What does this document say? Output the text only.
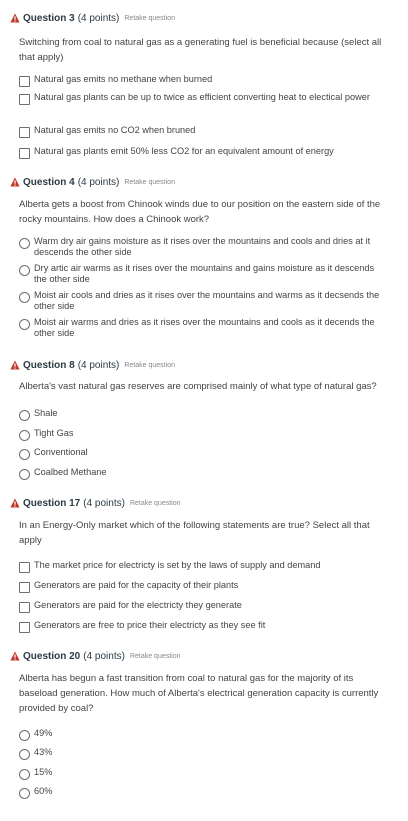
Question 3 (4 points) Retake question
Switching from coal to natural gas as a generating fuel is beneficial because (select all that apply)
Natural gas emits no methane when burned
Natural gas plants can be up to twice as efficient converting heat to electical power
Natural gas emits no CO2 when bruned
Natural gas plants emit 50% less CO2 for an equivalent amount of energy
Question 4 (4 points) Retake question
Alberta gets a boost from Chinook winds due to our position on the eastern side of the rocky mountains. How does a Chinook work?
Warm dry air gains moisture as it rises over the mountains and cools and dries at it descends the other side
Dry artic air warms as it rises over the mountains and gains moisture as it descends the other side
Moist air cools and dries as it rises over the mountains and warms as it decsends the other side
Moist air warms and dries as it rises over the mountains and cools as it decends the other side
Question 8 (4 points) Retake question
Alberta's vast natural gas reserves are comprised mainly of what type of natural gas?
Shale
Tight Gas
Conventional
Coalbed Methane
Question 17 (4 points) Retake question
In an Energy-Only market which of the following statements are true? Select all that apply
The market price for electricty is set by the laws of supply and demand
Generators are paid for the capacity of their plants
Generators are paid for the electricty they generate
Generators are free to price their electricty as they see fit
Question 20 (4 points) Retake question
Alberta has begun a fast transition from coal to natural gas for the majority of its baseload generation. How much of Alberta's electrical generation capacity is currently provided by coal?
49%
43%
15%
60%
